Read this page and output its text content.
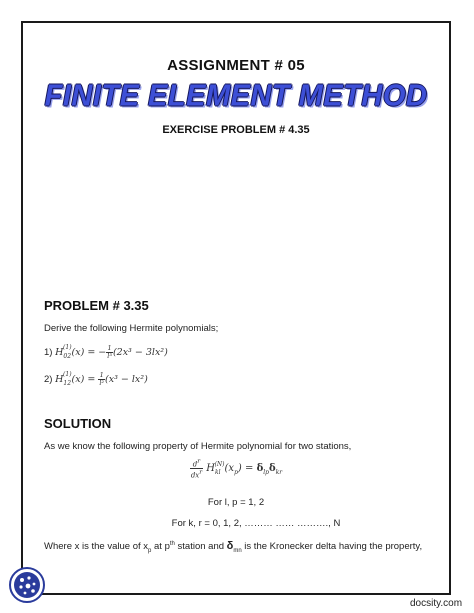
ASSIGNMENT # 05
FINITE ELEMENT METHOD
EXERCISE PROBLEM # 4.35
PROBLEM # 3.35
Derive the following Hermite polynomials;
1) $H_{02}^{(1)}(x)$ = − $\frac{1}{\text{l³}} (2x^3 - 3lx^2)$
2) $H_{12}^{(1)}(x) = \frac{1}{\text{l²}} (x^3 - lx^2)$
SOLUTION
As we know the following property of Hermite polynomial for two stations,
$\frac{d^r}{dx^r} H_{kl}^{(N)}(x_p) = \delta_{lp}\delta_{kr}$
For l, p = 1, 2
For k, r = 0, 1, 2, ……… …… ………., N
Where x is the value of $x_p$ at $p^{th}$ station and $\delta_{mn}$ is the Kronecker delta having the property,
docsity.com
